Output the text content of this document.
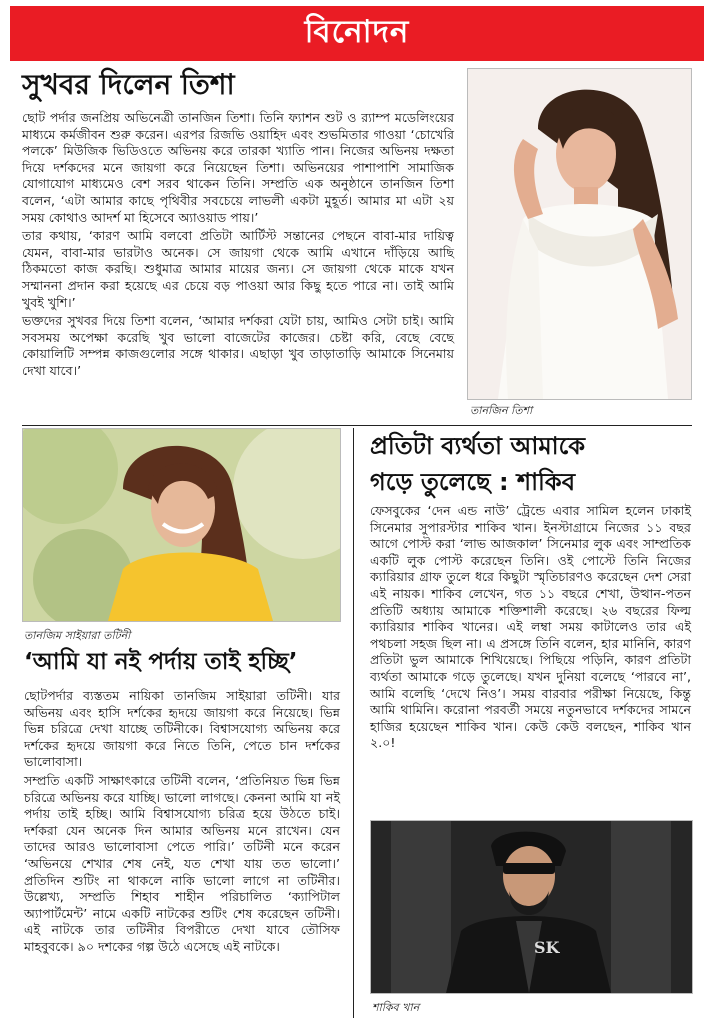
বিনোদন
সুখবর দিলেন তিশা

ছোট পর্দার জনপ্রিয় অভিনেত্রী তানজিন তিশা। তিনি ফ্যাশন শুট ও র‍্যাম্প মডেলিংয়ের মাধ্যমে কর্মজীবন শুরু করেন। এরপর রিজভি ওয়াহিদ এবং শুভমিতার গাওয়া ‘চোখেরি পলকে’ মিউজিক ভিডিওতে অভিনয় করে তারকা খ্যাতি পান। নিজের অভিনয় দক্ষতা দিয়ে দর্শকদের মনে জায়গা করে নিয়েছেন তিশা। অভিনয়ের পাশাপাশি সামাজিক যোগাযোগ মাধ্যমেও বেশ সরব থাকেন তিনি। সম্প্রতি এক অনুষ্ঠানে তানজিন তিশা বলেন, ‘এটা আমার কাছে পৃথিবীর সবচেয়ে লাভলী একটা মুহূর্ত। আমার মা এটা ২য় সময় কোথাও আদর্শ মা হিসেবে অ্যাওয়াড পায়।’

তার কথায়, ‘কারণ আমি বলবো প্রতিটা আর্টিস্ট সন্তানের পেছনে বাবা-মার দায়িত্ব যেমন, বাবা-মার ভারটাও অনেক। সে জায়গা থেকে আমি এখানে দাঁড়িয়ে আছি ঠিকমতো কাজ করছি। শুধুমাত্র আমার মায়ের জন্য। সে জায়গা থেকে মাকে যখন সম্মাননা প্রদান করা হয়েছে এর চেয়ে বড় পাওয়া আর কিছু হতে পারে না। তাই আমি খুবই খুশি।’

ভক্তদের সুখবর দিয়ে তিশা বলেন, ‘আমার দর্শকরা যেটা চায়, আমিও সেটা চাই। আমি সবসময় অপেক্ষা করেছি খুব ভালো বাজেটের কাজের। চেষ্টা করি, বেছে বেছে কোয়ালিটি সম্পন্ন কাজগুলোর সঙ্গে থাকার। এছাড়া খুব তাড়াতাড়ি আমাকে সিনেমায় দেখা যাবে।’

তানজিন তিশা
তানজিম সাইয়ারা তটিনী
‘আমি যা নই পর্দায় তাই হচ্ছি’

ছোটপর্দার ব্যস্ততম নায়িকা তানজিম সাইয়ারা তটিনী। যার অভিনয় এবং হাসি দর্শকের হৃদয়ে জায়গা করে নিয়েছে। ভিন্ন ভিন্ন চরিত্রে দেখা যাচ্ছে তটিনীকে। বিশ্বাসযোগ্য অভিনয় করে দর্শকের হৃদয়ে জায়গা করে নিতে তিনি, পেতে চান দর্শকের ভালোবাসা।

সম্প্রতি একটি সাক্ষাৎকারে তটিনী বলেন, ‘প্রতিনিয়ত ভিন্ন ভিন্ন চরিত্রে অভিনয় করে যাচ্ছি। ভালো লাগছে। কেননা আমি যা নই পর্দায় তাই হচ্ছি। আমি বিশ্বাসযোগ্য চরিত্র হয়ে উঠতে চাই। দর্শকরা যেন অনেক দিন আমার অভিনয় মনে রাখেন। যেন তাদের আরও ভালোবাসা পেতে পারি।’ তটিনী মনে করেন ‘অভিনয়ে শেখার শেষ নেই, যত শেখা যায় তত ভালো।’ প্রতিদিন শুটিং না থাকলে নাকি ভালো লাগে না তটিনীর। উল্লেখ্য, সম্প্রতি শিহাব শাহীন পরিচালিত ‘ক্যাপিটাল অ্যাপার্টমেন্ট’ নামে একটি নাটকের শুটিং শেষ করেছেন তটিনী। এই নাটকে তার তটিনীর বিপরীতে দেখা যাবে তৌসিফ মাহবুবকে। ৯০ দশকের গল্প উঠে এসেছে এই নাটকে।

প্রতিটা ব্যর্থতা আমাকে
গড়ে তুলেছে : শাকিব

ফেসবুকের ‘দেন এন্ড নাউ’ ট্রেন্ডে এবার সামিল হলেন ঢাকাই সিনেমার সুপারস্টার শাকিব খান। ইনস্টাগ্রামে নিজের ১১ বছর আগে পোস্ট করা ‘লাভ আজকাল’ সিনেমার লুক এবং সাম্প্রতিক একটি লুক পোস্ট করেছেন তিনি। ওই পোস্টে তিনি নিজের ক্যারিয়ার গ্রাফ তুলে ধরে কিছুটা স্মৃতিচারণও করেছেন দেশ সেরা এই নায়ক। শাকিব লেখেন, গত ১১ বছরে শেখা, উত্থান-পতন প্রতিটি অধ্যায় আমাকে শক্তিশালী করেছে। ২৬ বছরের ফিল্ম ক্যারিয়ার শাকিব খানের। এই লম্বা সময় কাটালেও তার এই পথচলা সহজ ছিল না। এ প্রসঙ্গে তিনি বলেন, হার মানিনি, কারণ প্রতিটা ভুল আমাকে শিখিয়েছে। পিছিয়ে পড়িনি, কারণ প্রতিটা ব্যর্থতা আমাকে গড়ে তুলেছে। যখন দুনিয়া বলেছে ‘পারবে না’, আমি বলেছি ‘দেখে নিও’। সময় বারবার পরীক্ষা নিয়েছে, কিন্তু আমি থামিনি। করোনা পরবর্তী সময়ে নতুনভাবে দর্শকদের সামনে হাজির হয়েছেন শাকিব খান। কেউ কেউ বলছেন, শাকিব খান ২.০!

SK
শাকিব খান
